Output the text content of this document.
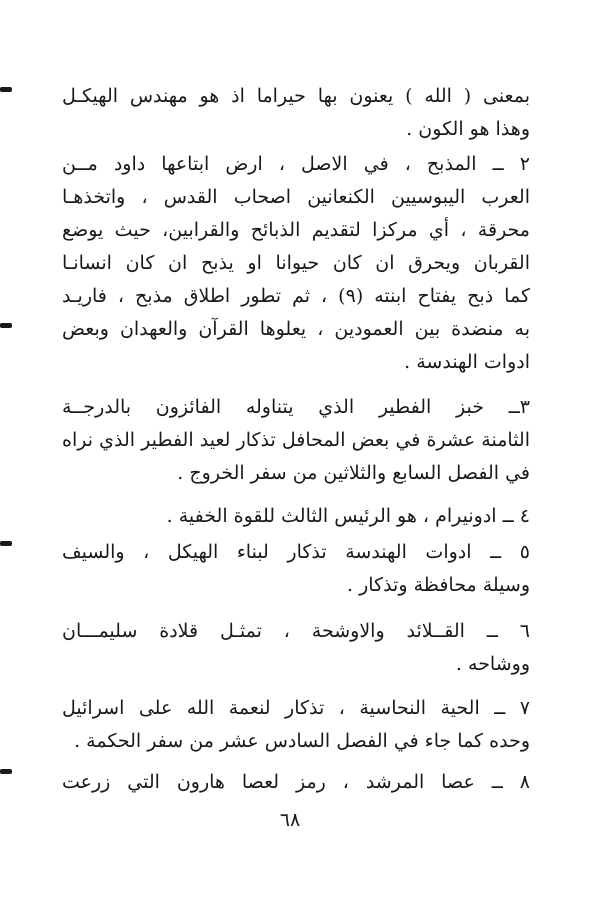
بمعنى ( الله ) يعنون بها حيراما اذ هو مهندس الهيكـل
وهذا هو الكون .
٢ ــ المذبح ، في الاصل ، ارض ابتاعها داود مــن
العرب اليبوسيين الكنعانين اصحاب القدس ، واتخذهـا
محرقة ، أي مركزا لتقديم الذبائح والقرابين، حيث يوضع
القربان ويحرق ان كان حيوانا او يذبح ان كان انسانـا
كما ذبح يفتاح ابنته (٩) ، ثم تطور اطلاق مذبح ، فاريـد
به منضدة بين العمودين ، يعلوها القرآن والعهدان وبعض
ادوات الهندسة .
٣ــ خبز الفطير الذي يتناوله الفائزون بالدرجــة
الثامنة عشرة في بعض المحافل تذكار لعيد الفطير الذي نراه
في الفصل السابع والثلاثين من سفر الخروج .
٤ ــ ادونيرام ، هو الرئيس الثالث للقوة الخفية .
٥ ــ ادوات الهندسة تذكار لبناء الهيكل ، والسيف
وسيلة محافظة وتذكار .
٦ ــ القــلائد والاوشحة ، تمثـل قلادة سليمـــان
ووشاحه .
٧ ــ الحية النحاسية ، تذكار لنعمة الله على اسرائيل
وحده كما جاء في الفصل السادس عشر من سفر الحكمة .
٨ ــ عصا المرشد ، رمز لعصا هارون التي زرعت
٦٨
